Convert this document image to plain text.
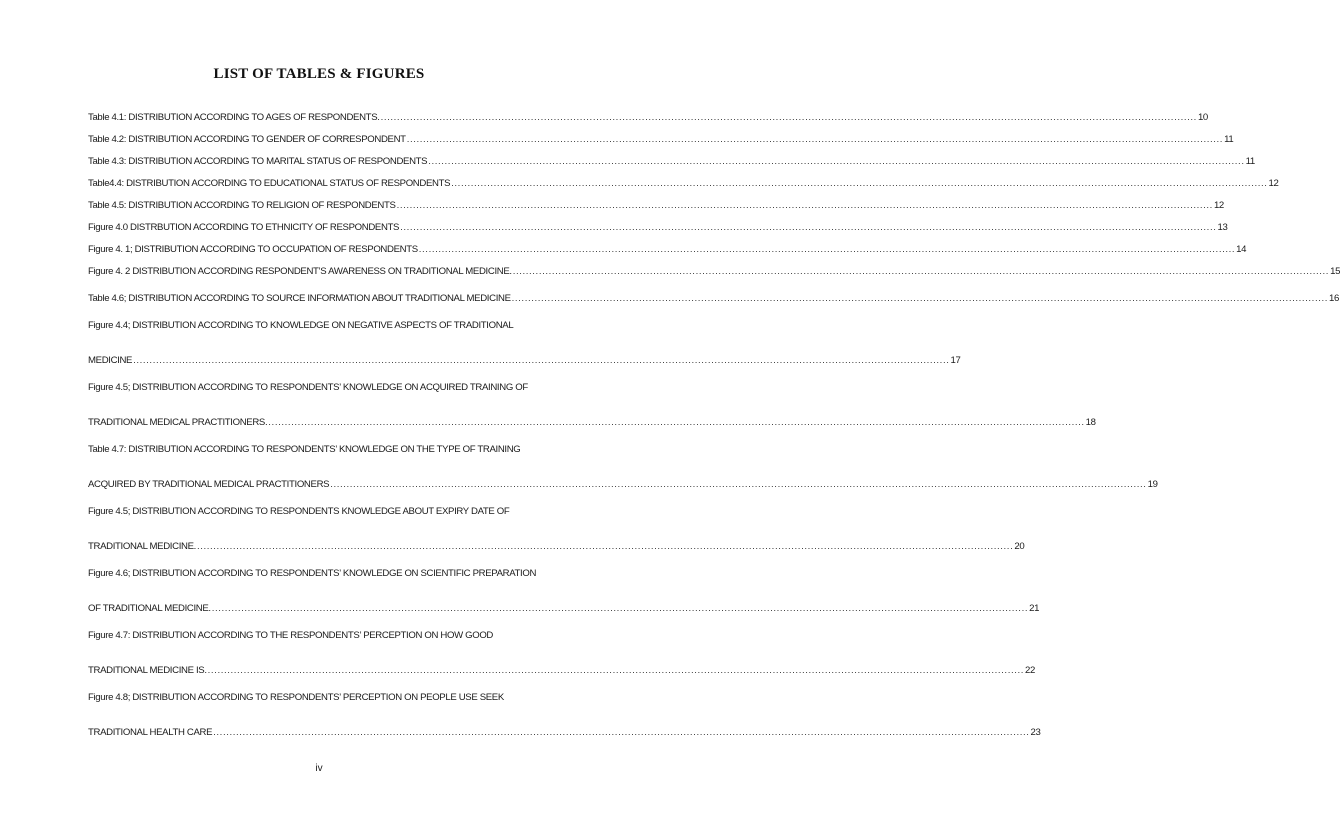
LIST OF TABLES & FIGURES
Table 4.1: DISTRIBUTION ACCORDING TO AGES OF RESPONDENTS. .....	10
Table 4.2: DISTRIBUTION ACCORDING TO GENDER OF CORRESPONDENT .....	11
Table 4.3: DISTRIBUTION ACCORDING TO MARITAL STATUS OF RESPONDENTS .....	11
Table4.4: DISTRIBUTION ACCORDING TO EDUCATIONAL STATUS OF RESPONDENTS .....	12
Table 4.5: DISTRIBUTION ACCORDING TO RELIGION OF RESPONDENTS .....	12
Figure 4.0 DISTRBUTION ACCORDING TO ETHNICITY OF RESPONDENTS .....	13
Figure 4. 1; DISTRIBUTION ACCORDING TO OCCUPATION OF RESPONDENTS .....	14
Figure 4. 2 DISTRIBUTION ACCORDING RESPONDENT’S AWARENESS ON TRADITIONAL MEDICINE. .....	15
Table 4.6; DISTRIBUTION ACCORDING TO SOURCE INFORMATION ABOUT TRADITIONAL MEDICINE .....	16
Figure 4.4; DISTRIBUTION ACCORDING TO KNOWLEDGE ON NEGATIVE ASPECTS OF TRADITIONAL
MEDICINE .....	17
Figure 4.5; DISTRIBUTION ACCORDING TO RESPONDENTS’ KNOWLEDGE ON ACQUIRED TRAINING OF
TRADITIONAL MEDICAL PRACTITIONERS. .....	18
Table 4.7: DISTRIBUTION ACCORDING TO RESPONDENTS’ KNOWLEDGE ON THE TYPE OF TRAINING
ACQUIRED BY TRADITIONAL MEDICAL PRACTITIONERS .....	19
Figure 4.5; DISTRIBUTION ACCORDING TO RESPONDENTS KNOWLEDGE ABOUT EXPIRY DATE OF
TRADITIONAL MEDICINE. .....	20
Figure 4.6; DISTRIBUTION ACCORDING TO RESPONDENTS’ KNOWLEDGE ON SCIENTIFIC PREPARATION
OF TRADITIONAL MEDICINE. .....	21
Figure 4.7: DISTRIBUTION ACCORDING TO THE RESPONDENTS’ PERCEPTION ON HOW GOOD
TRADITIONAL MEDICINE IS. .....	22
Figure 4.8; DISTRIBUTION ACCORDING TO RESPONDENTS’ PERCEPTION ON PEOPLE USE SEEK
TRADITIONAL HEALTH CARE .....	23
iv
